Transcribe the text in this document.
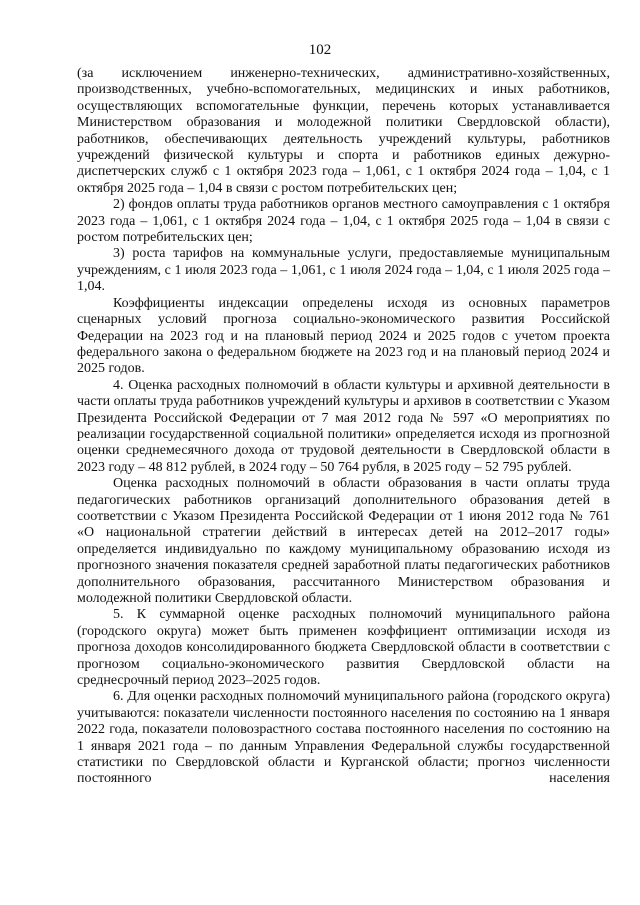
102

(за исключением инженерно-технических, административно-хозяйственных, производственных, учебно-вспомогательных, медицинских и иных работников, осуществляющих вспомогательные функции, перечень которых устанавливается Министерством образования и молодежной политики Свердловской области), работников, обеспечивающих деятельность учреждений культуры, работников учреждений физической культуры и спорта и работников единых дежурно-диспетчерских служб с 1 октября 2023 года – 1,061, с 1 октября 2024 года – 1,04, с 1 октября 2025 года – 1,04 в связи с ростом потребительских цен;

2) фондов оплаты труда работников органов местного самоуправления с 1 октября 2023 года – 1,061, с 1 октября 2024 года – 1,04, с 1 октября 2025 года – 1,04 в связи с ростом потребительских цен;

3) роста тарифов на коммунальные услуги, предоставляемые муниципальным учреждениям, с 1 июля 2023 года – 1,061, с 1 июля 2024 года – 1,04, с 1 июля 2025 года – 1,04.

Коэффициенты индексации определены исходя из основных параметров сценарных условий прогноза социально-экономического развития Российской Федерации на 2023 год и на плановый период 2024 и 2025 годов с учетом проекта федерального закона о федеральном бюджете на 2023 год и на плановый период 2024 и 2025 годов.

4. Оценка расходных полномочий в области культуры и архивной деятельности в части оплаты труда работников учреждений культуры и архивов в соответствии с Указом Президента Российской Федерации от 7 мая 2012 года № 597 «О мероприятиях по реализации государственной социальной политики» определяется исходя из прогнозной оценки среднемесячного дохода от трудовой деятельности в Свердловской области в 2023 году – 48 812 рублей, в 2024 году – 50 764 рубля, в 2025 году – 52 795 рублей.

Оценка расходных полномочий в области образования в части оплаты труда педагогических работников организаций дополнительного образования детей в соответствии с Указом Президента Российской Федерации от 1 июня 2012 года № 761 «О национальной стратегии действий в интересах детей на 2012–2017 годы» определяется индивидуально по каждому муниципальному образованию исходя из прогнозного значения показателя средней заработной платы педагогических работников дополнительного образования, рассчитанного Министерством образования и молодежной политики Свердловской области.

5. К суммарной оценке расходных полномочий муниципального района (городского округа) может быть применен коэффициент оптимизации исходя из прогноза доходов консолидированного бюджета Свердловской области в соответствии с прогнозом социально-экономического развития Свердловской области на среднесрочный период 2023–2025 годов.

6. Для оценки расходных полномочий муниципального района (городского округа) учитываются: показатели численности постоянного населения по состоянию на 1 января 2022 года, показатели половозрастного состава постоянного населения по состоянию на 1 января 2021 года – по данным Управления Федеральной службы государственной статистики по Свердловской области и Курганской области; прогноз численности постоянного населения
